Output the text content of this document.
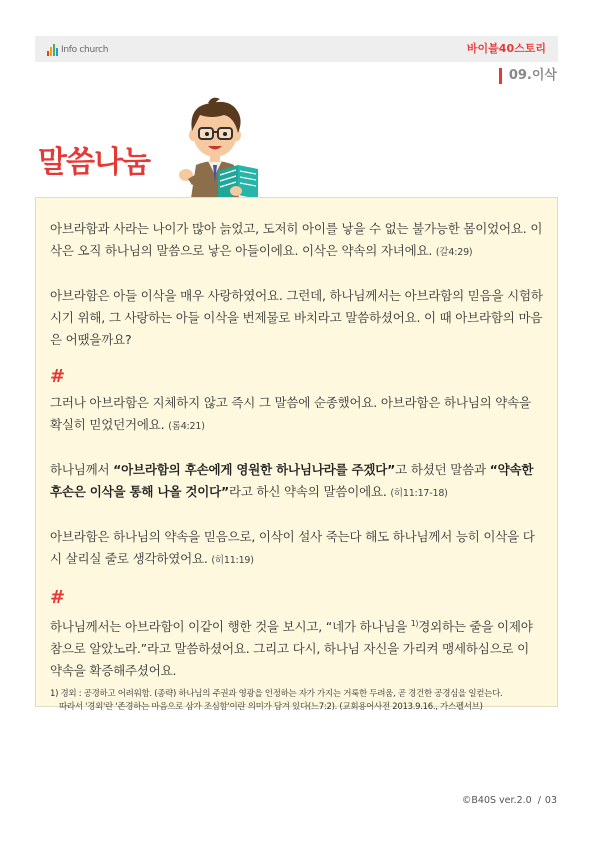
Info church	바이블40스토리
09.이삭
말씀나눔

아브라함과 사라는 나이가 많아 늙었고, 도저히 아이를 낳을 수 없는 불가능한 몸이었어요. 이삭은 오직 하나님의 말씀으로 낳은 아들이에요. 이삭은 약속의 자녀에요. (갈4:29)

아브라함은 아들 이삭을 매우 사랑하였어요. 그런데, 하나님께서는 아브라함의 믿음을 시험하시기 위해, 그 사랑하는 아들 이삭을 번제물로 바치라고 말씀하셨어요. 이 때 아브라함의 마음은 어땠을까요?

#

그러나 아브라함은 지체하지 않고 즉시 그 말씀에 순종했어요. 아브라함은 하나님의 약속을 확실히 믿었던거에요. (롬4:21)

하나님께서 “아브라함의 후손에게 영원한 하나님나라를 주겠다”고 하셨던 말씀과 “약속한 후손은 이삭을 통해 나올 것이다”라고 하신 약속의 말씀이에요. (히11:17-18)

아브라함은 하나님의 약속을 믿음으로, 이삭이 설사 죽는다 해도 하나님께서 능히 이삭을 다시 살리실 줄로 생각하였어요. (히11:19)

#

하나님께서는 아브라함이 이같이 행한 것을 보시고, “네가 하나님을 $^{1)}$경외하는 줄을 이제야 참으로 알았노라.”라고 말씀하셨어요. 그리고 다시, 하나님 자신을 가리켜 맹세하심으로 이 약속을 확증해주셨어요.

1) 경외 : 공경하고 어려워함. (종략) 하나님의 주권과 영광을 인정하는 자가 가지는 거룩한 두려움, 곧 경건한 공경심을 일컫는다.
따라서 '경외'란 '존경하는 마음으로 삼가 조심함'이란 의미가 담겨 있다(느7:2). (교회용어사전 2013.9.16., 가스펠서브)
©B40S ver.2.0 / 03
